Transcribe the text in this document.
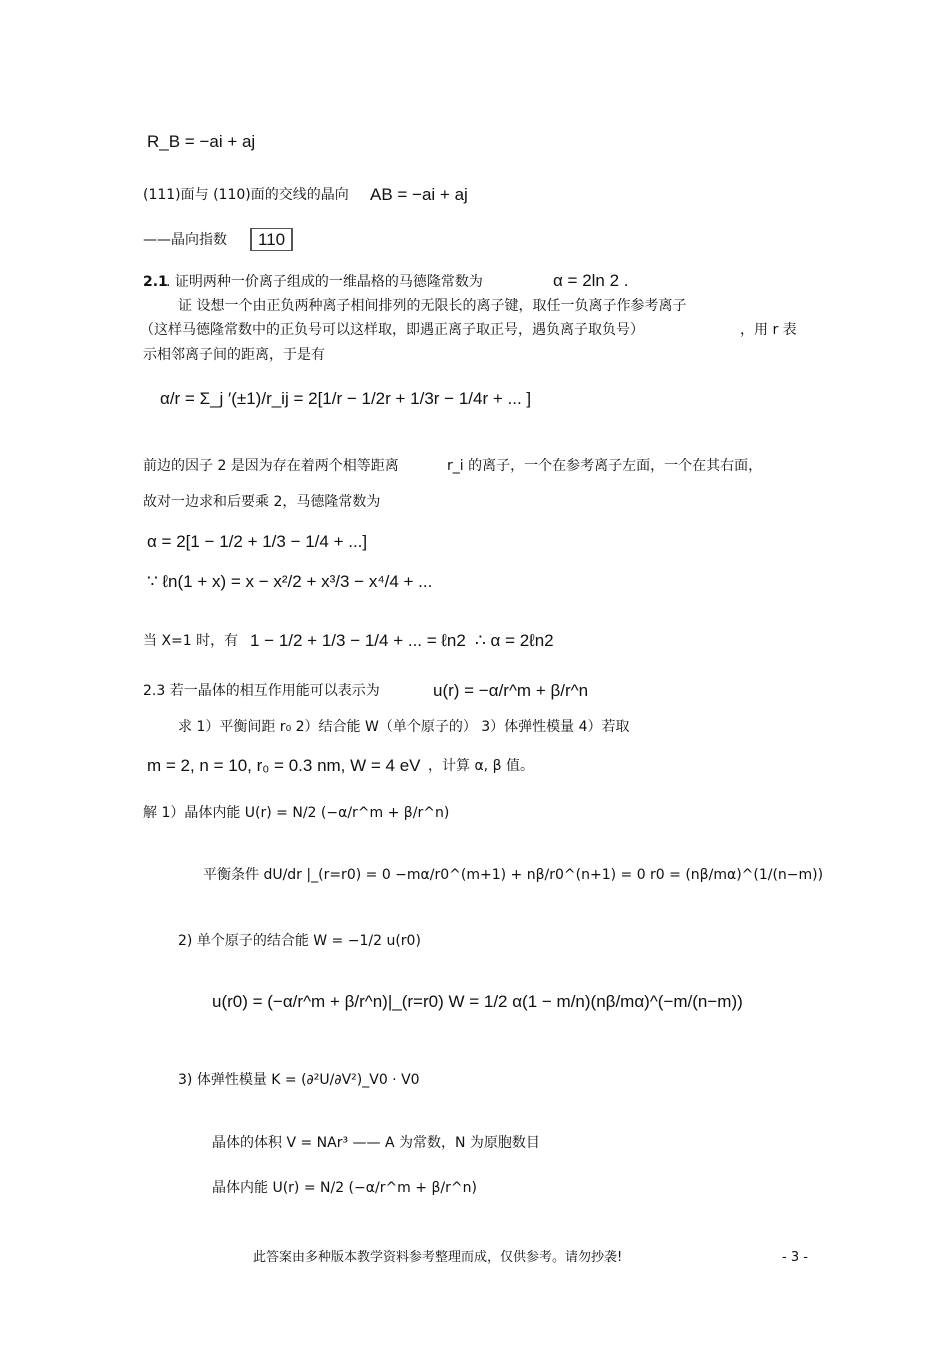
R_B = −ai + aj
(111)面与 (110)面的交线的晶向 AB = −ai + aj
——晶向指数	110
2.1
. 证明两种一价离子组成的一维晶格的马德隆常数为	α = 2ln 2 .
证 设想一个由正负两种离子相间排列的无限长的离子键，取任一负离子作参考离子
（这样马德隆常数中的正负号可以这样取，即遇正离子取正号，遇负离子取负号）	，用 r 表
示相邻离子间的距离，于是有
α/r = Σ_j ′(±1)/r_ij = 2[1/r − 1/2r + 1/3r − 1/4r + ... ]
前边的因子 2 是因为存在着两个相等距离	r_i 的离子，一个在参考离子左面，一个在其右面，
故对一边求和后要乘 2，马德隆常数为
α = 2[1 − 1/2 + 1/3 − 1/4 + ...]
∵ ℓn(1 + x) = x − x²/2 + x³/3 − x⁴/4 + ...
当 X=1 时，有 1 − 1/2 + 1/3 − 1/4 + ... = ℓn2 ∴ α = 2ℓn2
2.3 若一晶体的相互作用能可以表示为	u(r) = −α/r^m + β/r^n
求 1）平衡间距 r₀ 2）结合能 W（单个原子的） 3）体弹性模量 4）若取
m = 2, n = 10, r₀ = 0.3 nm, W = 4 eV ，计算 α, β 值。
解 1）晶体内能 U(r) = N/2 (−α/r^m + β/r^n)
平衡条件 dU/dr |_(r=r0) = 0 −mα/r0^(m+1) + nβ/r0^(n+1) = 0 r0 = (nβ/mα)^(1/(n−m))
2) 单个原子的结合能 W = −1/2 u(r0)
u(r0) = (−α/r^m + β/r^n)|_(r=r0) W = 1/2 α(1 − m/n)(nβ/mα)^(−m/(n−m))
3) 体弹性模量 K = (∂²U/∂V²)_V0 · V0
晶体的体积 V = NAr³ —— A 为常数，N 为原胞数目
晶体内能 U(r) = N/2 (−α/r^m + β/r^n)
此答案由多种版本教学资料参考整理而成，仅供参考。请勿抄袭!	- 3 -
